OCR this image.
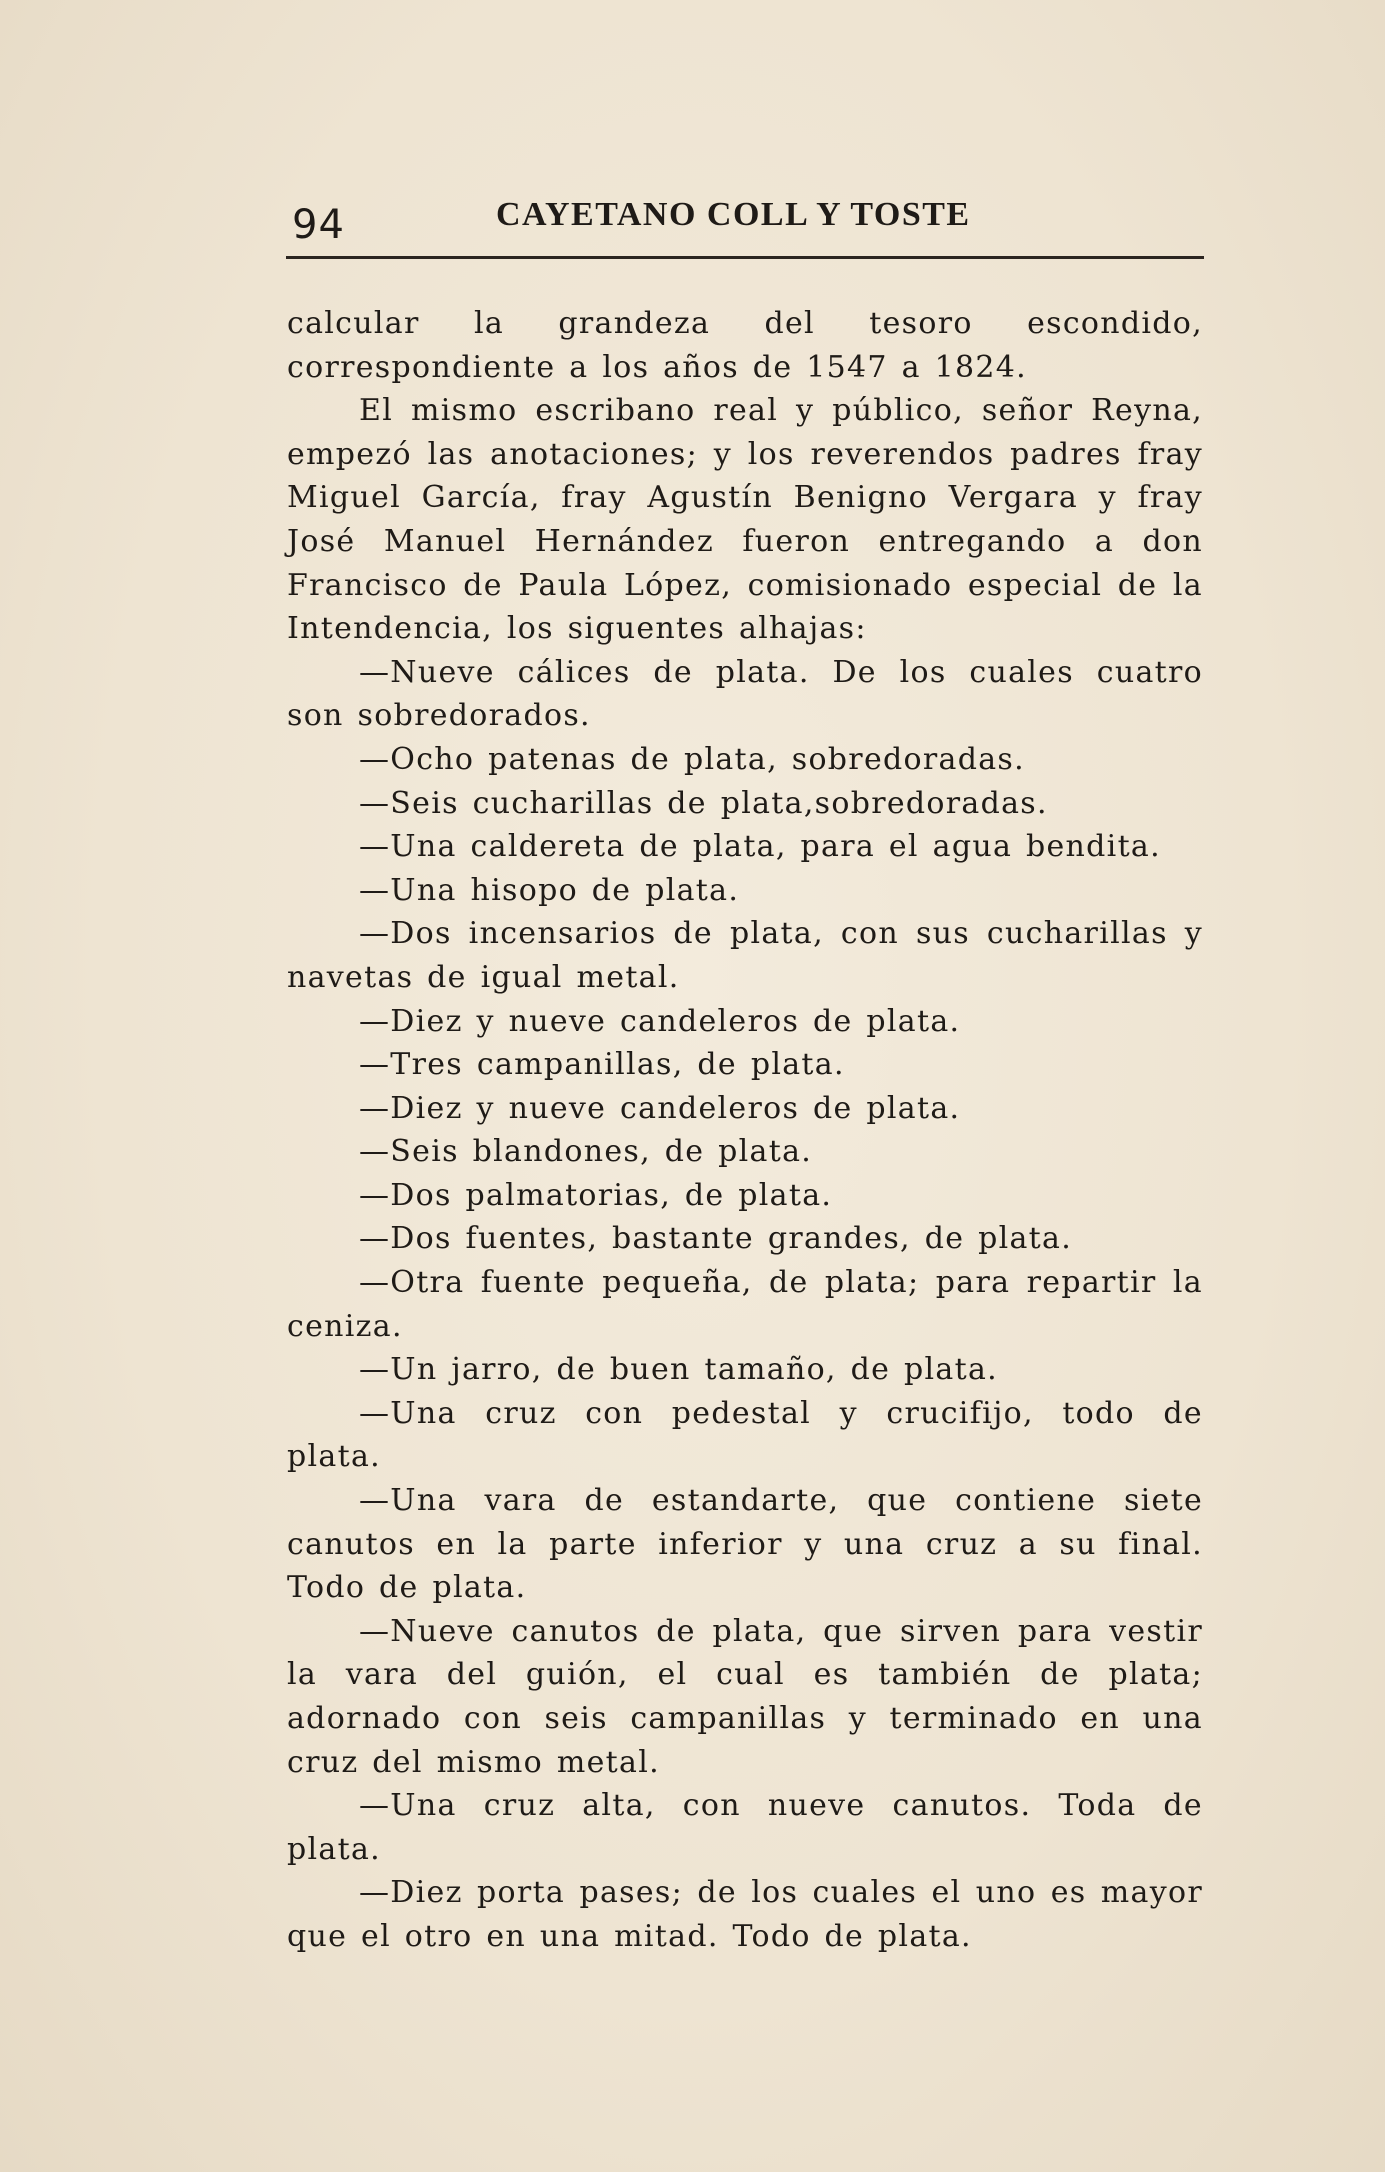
94	CAYETANO COLL Y TOSTE

calcular la grandeza del tesoro escondido, correspondiente a los años de 1547 a 1824.

El mismo escribano real y público, señor Reyna, empezó las anotaciones; y los reverendos padres fray Miguel García, fray Agustín Benigno Vergara y fray José Manuel Hernández fueron entregando a don Francisco de Paula López, comisionado especial de la Intendencia, los siguentes alhajas:

—Nueve cálices de plata. De los cuales cuatro son sobredorados.

—Ocho patenas de plata, sobredoradas.

—Seis cucharillas de plata,sobredoradas.

—Una caldereta de plata, para el agua bendita.

—Una hisopo de plata.

—Dos incensarios de plata, con sus cucharillas y navetas de igual metal.

—Diez y nueve candeleros de plata.

—Tres campanillas, de plata.

—Diez y nueve candeleros de plata.

—Seis blandones, de plata.

—Dos palmatorias, de plata.

—Dos fuentes, bastante grandes, de plata.

—Otra fuente pequeña, de plata; para repartir la ceniza.

—Un jarro, de buen tamaño, de plata.

—Una cruz con pedestal y crucifijo, todo de plata.

—Una vara de estandarte, que contiene siete canutos en la parte inferior y una cruz a su final. Todo de plata.

—Nueve canutos de plata, que sirven para vestir la vara del guión, el cual es también de plata; adornado con seis campanillas y terminado en una cruz del mismo metal.

—Una cruz alta, con nueve canutos. Toda de plata.

—Diez porta pases; de los cuales el uno es mayor que el otro en una mitad. Todo de plata.
